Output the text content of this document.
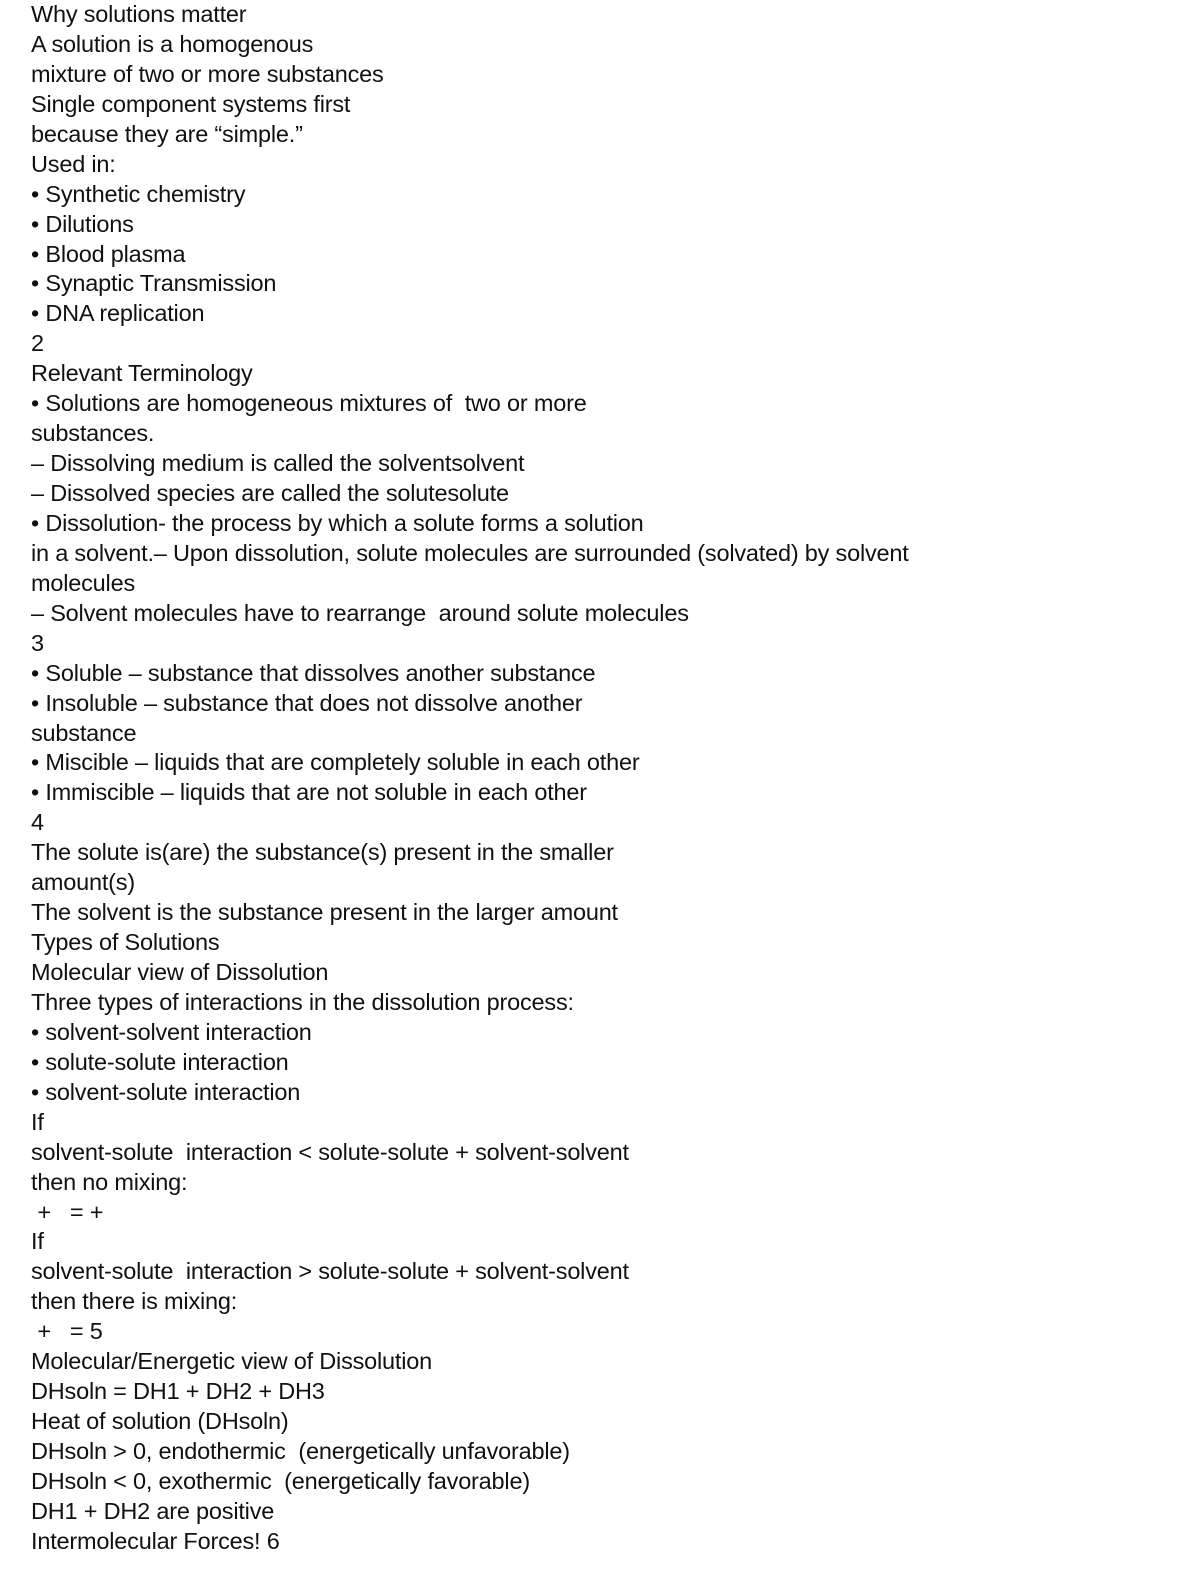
Why solutions matter
A solution is a homogenous
mixture of two or more substances
Single component systems first
because they are “simple.”
Used in:
• Synthetic chemistry
• Dilutions
• Blood plasma
• Synaptic Transmission
• DNA replication
2
Relevant Terminology
• Solutions are homogeneous mixtures of  two or more
substances.
– Dissolving medium is called the solventsolvent
– Dissolved species are called the solutesolute
• Dissolution- the process by which a solute forms a solution
in a solvent.– Upon dissolution, solute molecules are surrounded (solvated) by solvent
molecules
– Solvent molecules have to rearrange  around solute molecules
3
• Soluble – substance that dissolves another substance
• Insoluble – substance that does not dissolve another
substance
• Miscible – liquids that are completely soluble in each other
• Immiscible – liquids that are not soluble in each other
4
The solute is(are) the substance(s) present in the smaller
amount(s)
The solvent is the substance present in the larger amount
Types of Solutions
Molecular view of Dissolution
Three types of interactions in the dissolution process:
• solvent-solvent interaction
• solute-solute interaction
• solvent-solute interaction
If
solvent-solute  interaction < solute-solute + solvent-solvent
then no mixing:
+   = +
If
solvent-solute  interaction > solute-solute + solvent-solvent
then there is mixing:
+   = 5
Molecular/Energetic view of Dissolution
DHsoln = DH1 + DH2 + DH3
Heat of solution (DHsoln)
DHsoln > 0, endothermic  (energetically unfavorable)
DHsoln < 0, exothermic  (energetically favorable)
DH1 + DH2 are positive
Intermolecular Forces! 6
